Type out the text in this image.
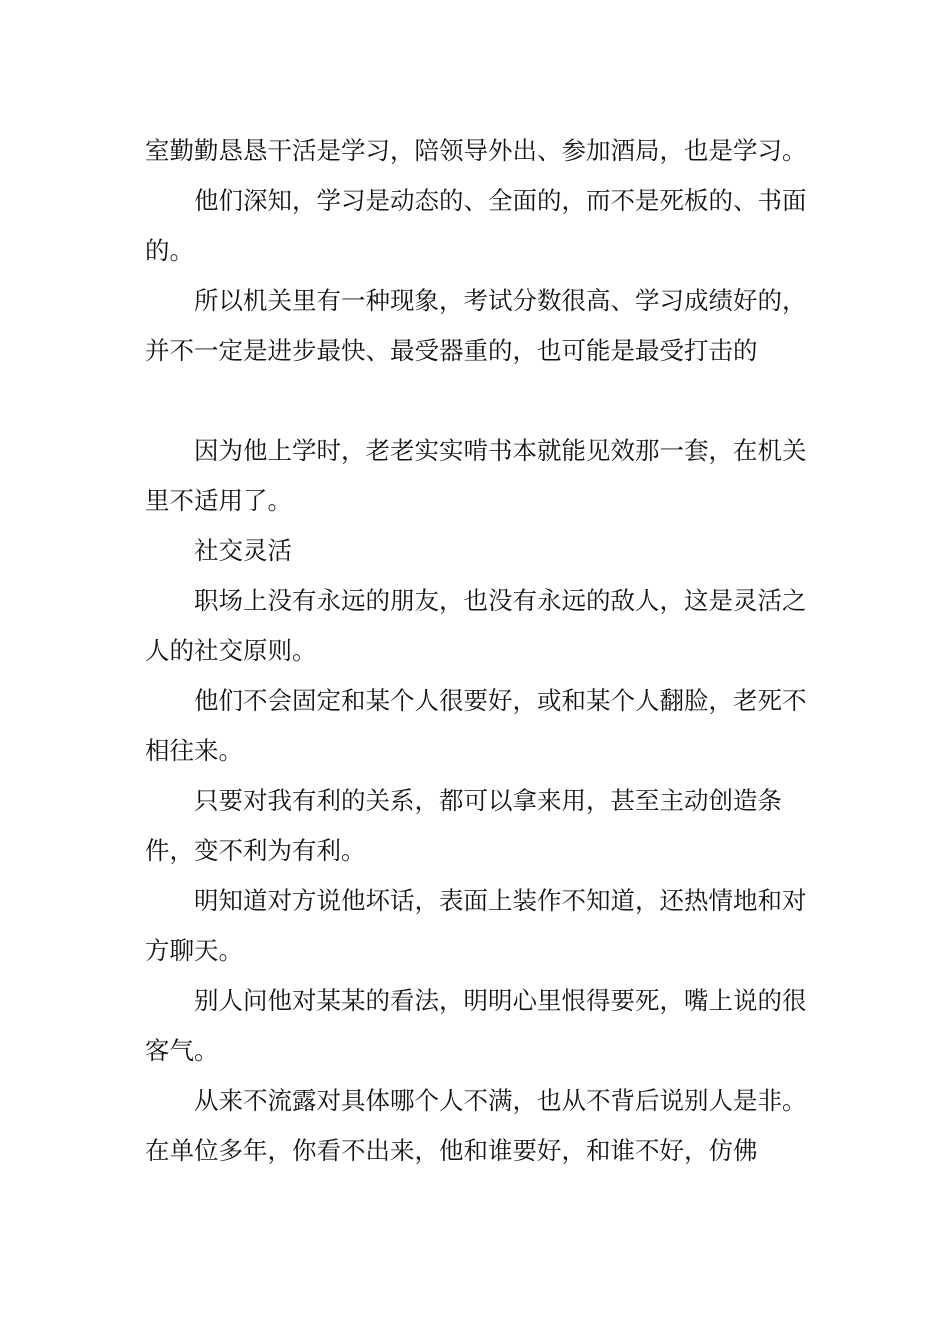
室勤勤恳恳干活是学习，陪领导外出、参加酒局，也是学习。

他们深知，学习是动态的、全面的，而不是死板的、书面的。

所以机关里有一种现象，考试分数很高、学习成绩好的，并不一定是进步最快、最受器重的，也可能是最受打击的

因为他上学时，老老实实啃书本就能见效那一套，在机关里不适用了。

社交灵活

职场上没有永远的朋友，也没有永远的敌人，这是灵活之人的社交原则。

他们不会固定和某个人很要好，或和某个人翻脸，老死不相往来。

只要对我有利的关系，都可以拿来用，甚至主动创造条件，变不利为有利。

明知道对方说他坏话，表面上装作不知道，还热情地和对方聊天。

别人问他对某某的看法，明明心里恨得要死，嘴上说的很客气。

从来不流露对具体哪个人不满，也从不背后说别人是非。在单位多年，你看不出来，他和谁要好，和谁不好，仿佛
